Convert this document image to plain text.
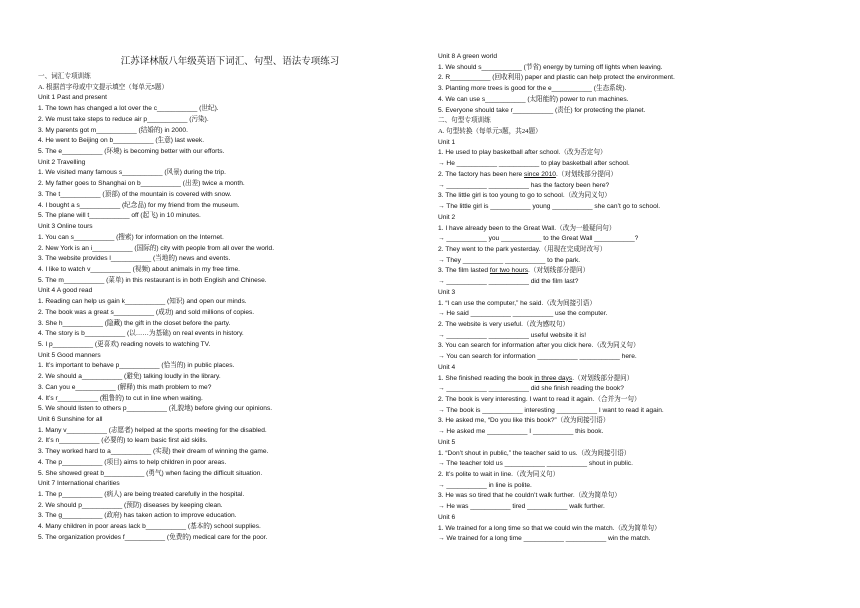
江苏译林版八年级英语下词汇、句型、语法专项练习
一、词汇专项训练
A. 根据首字母或中文提示填空（每单元5题）
Unit 1 Past and present
1. The town has changed a lot over the c___________ (世纪).
2. We must take steps to reduce air p___________ (污染).
3. My parents got m___________ (结婚的) in 2000.
4. He went to Beijing on b___________ (生意) last week.
5. The e___________ (环境) is becoming better with our efforts.
Unit 2 Travelling
1. We visited many famous s___________ (风景) during the trip.
2. My father goes to Shanghai on b___________ (出差) twice a month.
3. The t___________ (顶部) of the mountain is covered with snow.
4. I bought a s___________ (纪念品) for my friend from the museum.
5. The plane will t___________ off (起飞) in 10 minutes.
Unit 3 Online tours
1. You can s___________ (搜索) for information on the Internet.
2. New York is an i___________ (国际的) city with people from all over the world.
3. The website provides l___________ (当地的) news and events.
4. I like to watch v___________ (视频) about animals in my free time.
5. The m___________ (菜单) in this restaurant is in both English and Chinese.
Unit 4 A good read
1. Reading can help us gain k___________ (知识) and open our minds.
2. The book was a great s___________ (成功) and sold millions of copies.
3. She h___________ (隐藏) the gift in the closet before the party.
4. The story is b___________ (以……为基础) on real events in history.
5. I p___________ (更喜欢) reading novels to watching TV.
Unit 5 Good manners
1. It’s important to behave p___________ (恰当的) in public places.
2. We should a___________ (避免) talking loudly in the library.
3. Can you e___________ (解释) this math problem to me?
4. It’s r___________ (粗鲁的) to cut in line when waiting.
5. We should listen to others p___________ (礼貌地) before giving our opinions.
Unit 6 Sunshine for all
1. Many v___________ (志愿者) helped at the sports meeting for the disabled.
2. It’s n___________ (必要的) to learn basic first aid skills.
3. They worked hard to a___________ (实现) their dream of winning the game.
4. The p___________ (项目) aims to help children in poor areas.
5. She showed great b___________ (勇气) when facing the difficult situation.
Unit 7 International charities
1. The p___________ (病人) are being treated carefully in the hospital.
2. We should p___________ (预防) diseases by keeping clean.
3. The g___________ (政府) has taken action to improve education.
4. Many children in poor areas lack b___________ (基本的) school supplies.
5. The organization provides f___________ (免费的) medical care for the poor.
Unit 8 A green world
1. We should s___________ (节省) energy by turning off lights when leaving.
2. R___________ (回收利用) paper and plastic can help protect the environment.
3. Planting more trees is good for the e___________ (生态系统).
4. We can use s___________ (太阳能的) power to run machines.
5. Everyone should take r___________ (责任) for protecting the planet.
二、句型专项训练
A. 句型转换（每单元3题，共24题）
Unit 1
1. He used to play basketball after school.（改为否定句）
→ He ___________ ___________ to play basketball after school.
2. The factory has been here since 2010.（对划线部分提问）
→ ___________ ___________ has the factory been here?
3. The little girl is too young to go to school.（改为同义句）
→ The little girl is ___________ young ___________ she can’t go to school.
Unit 2
1. I have already been to the Great Wall.（改为一般疑问句）
→ ___________ you ___________ to the Great Wall ___________?
2. They went to the park yesterday.（用现在完成时改写）
→ They ___________ ___________ to the park.
3. The film lasted for two hours.（对划线部分提问）
→ ___________ ___________ did the film last?
Unit 3
1. “I can use the computer,” he said.（改为间接引语）
→ He said ___________ ___________ use the computer.
2. The website is very useful.（改为感叹句）
→ ___________ ___________ useful website it is!
3. You can search for information after you click here.（改为同义句）
→ You can search for information ___________ ___________ here.
Unit 4
1. She finished reading the book in three days.（对划线部分提问）
→ ___________ ___________ did she finish reading the book?
2. The book is very interesting. I want to read it again.（合并为一句）
→ The book is ___________ interesting ___________ I want to read it again.
3. He asked me, “Do you like this book?”（改为间接引语）
→ He asked me ___________ I ___________ this book.
Unit 5
1. “Don’t shout in public,” the teacher said to us.（改为间接引语）
→ The teacher told us ___________ ___________ shout in public.
2. It’s polite to wait in line.（改为同义句）
→ ___________ in line is polite.
3. He was so tired that he couldn’t walk further.（改为简单句）
→ He was ___________ tired ___________ walk further.
Unit 6
1. We trained for a long time so that we could win the match.（改为简单句）
→ We trained for a long time ___________ ___________ win the match.
